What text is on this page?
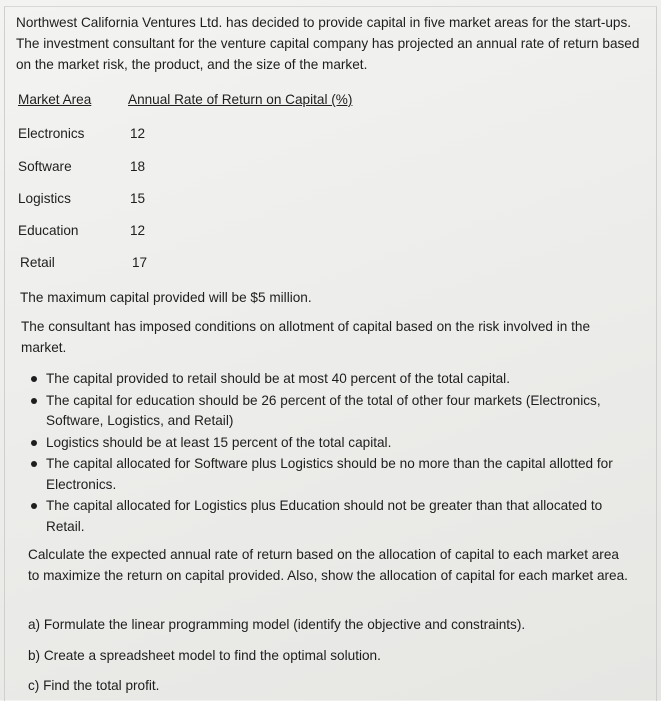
Northwest California Ventures Ltd. has decided to provide capital in five market areas for the start-ups. The investment consultant for the venture capital company has projected an annual rate of return based on the market risk, the product, and the size of the market.

Market Area	Annual Rate of Return on Capital (%)
Electronics	12
Software	18
Logistics	15
Education	12
Retail	17

The maximum capital provided will be $5 million.

The consultant has imposed conditions on allotment of capital based on the risk involved in the market.

The capital provided to retail should be at most 40 percent of the total capital.
The capital for education should be 26 percent of the total of other four markets (Electronics, Software, Logistics, and Retail)
Logistics should be at least 15 percent of the total capital.
The capital allocated for Software plus Logistics should be no more than the capital allotted for Electronics.
The capital allocated for Logistics plus Education should not be greater than that allocated to Retail.

Calculate the expected annual rate of return based on the allocation of capital to each market area to maximize the return on capital provided. Also, show the allocation of capital for each market area.

a) Formulate the linear programming model (identify the objective and constraints).
b) Create a spreadsheet model to find the optimal solution.
c) Find the total profit.
